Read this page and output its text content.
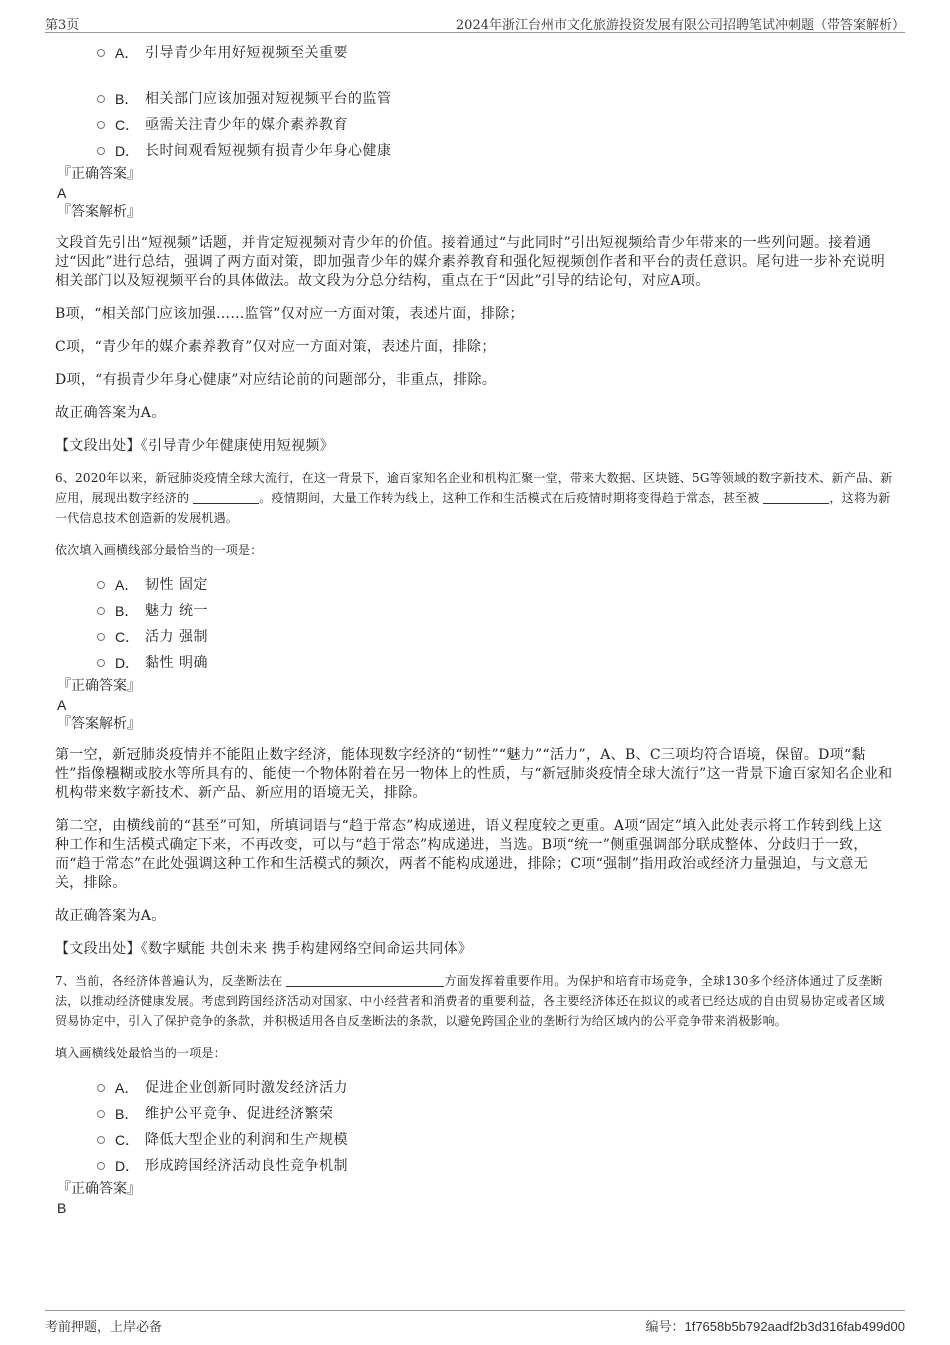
第3页	2024年浙江台州市文化旅游投资发展有限公司招聘笔试冲刺题（带答案解析）
A． 引导青少年用好短视频至关重要
B． 相关部门应该加强对短视频平台的监管
C． 亟需关注青少年的媒介素养教育
D． 长时间观看短视频有损青少年身心健康
『正确答案』
A
『答案解析』

文段首先引出“短视频”话题，并肯定短视频对青少年的价值。接着通过“与此同时”引出短视频给青少年带来的一些列问题。接着通过“因此”进行总结，强调了两方面对策，即加强青少年的媒介素养教育和强化短视频创作者和平台的责任意识。尾句进一步补充说明相关部门以及短视频平台的具体做法。故文段为分总分结构，重点在于“因此”引导的结论句，对应A项。

B项，“相关部门应该加强……监管”仅对应一方面对策，表述片面，排除；

C项，“青少年的媒介素养教育”仅对应一方面对策，表述片面，排除；

D项，“有损青少年身心健康”对应结论前的问题部分，非重点，排除。

故正确答案为A。

【文段出处】《引导青少年健康使用短视频》

6、2020年以来，新冠肺炎疫情全球大流行，在这一背景下，逾百家知名企业和机构汇聚一堂，带来大数据、区块链、5G等领域的数字新技术、新产品、新应用，展现出数字经济的	。疫情期间，大量工作转为线上，这种工作和生活模式在后疫情时期将变得趋于常态，甚至被	，这将为新一代信息技术创造新的发展机遇。

依次填入画横线部分最恰当的一项是：

A． 韧性 固定
B． 魅力 统一
C． 活力 强制
D． 黏性 明确
『正确答案』
A
『答案解析』

第一空，新冠肺炎疫情并不能阻止数字经济，能体现数字经济的“韧性”“魅力”“活力”，A、B、C三项均符合语境，保留。D项“黏性”指像糨糊或胶水等所具有的、能使一个物体附着在另一物体上的性质，与“新冠肺炎疫情全球大流行”这一背景下逾百家知名企业和机构带来数字新技术、新产品、新应用的语境无关，排除。

第二空，由横线前的“甚至”可知，所填词语与“趋于常态”构成递进，语义程度较之更重。A项“固定”填入此处表示将工作转到线上这种工作和生活模式确定下来，不再改变，可以与“趋于常态”构成递进，当选。B项“统一”侧重强调部分联成整体、分歧归于一致，而“趋于常态”在此处强调这种工作和生活模式的频次，两者不能构成递进，排除；C项“强制”指用政治或经济力量强迫，与文意无关，排除。

故正确答案为A。

【文段出处】《数字赋能 共创未来 携手构建网络空间命运共同体》

7、当前，各经济体普遍认为，反垄断法在	方面发挥着重要作用。为保护和培育市场竞争，全球130多个经济体通过了反垄断法，以推动经济健康发展。考虑到跨国经济活动对国家、中小经营者和消费者的重要利益，各主要经济体还在拟议的或者已经达成的自由贸易协定或者区域贸易协定中，引入了保护竞争的条款，并积极适用各自反垄断法的条款，以避免跨国企业的垄断行为给区域内的公平竞争带来消极影响。

填入画横线处最恰当的一项是：

A． 促进企业创新同时激发经济活力
B． 维护公平竞争、促进经济繁荣
C． 降低大型企业的利润和生产规模
D． 形成跨国经济活动良性竞争机制
『正确答案』
B
考前押题，上岸必备	编号：1f7658b5b792aadf2b3d316fab499d00
